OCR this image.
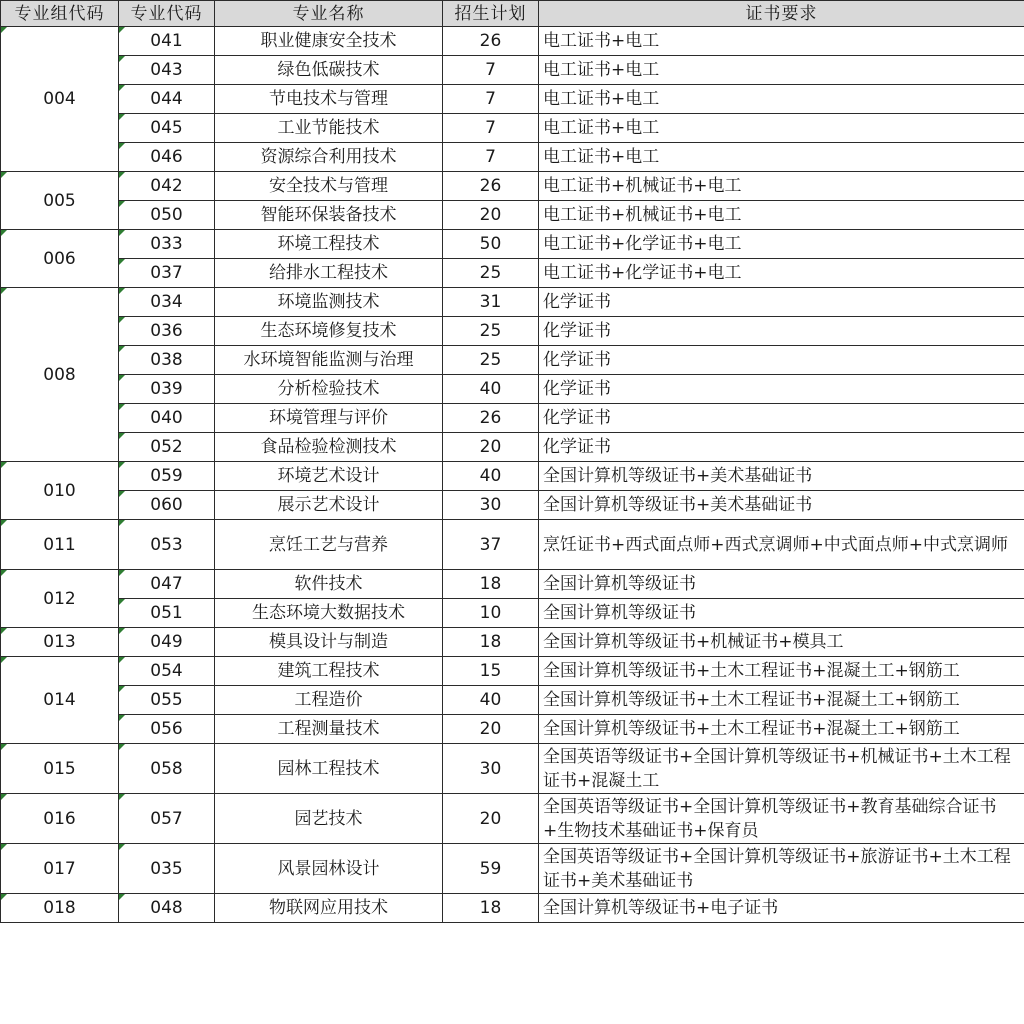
专业组代码	专业代码	专业名称	招生计划	证书要求
004	041	职业健康安全技术	26	电工证书+电工
	043	绿色低碳技术	7	电工证书+电工
	044	节电技术与管理	7	电工证书+电工
	045	工业节能技术	7	电工证书+电工
	046	资源综合利用技术	7	电工证书+电工
005	042	安全技术与管理	26	电工证书+机械证书+电工
	050	智能环保装备技术	20	电工证书+机械证书+电工
006	033	环境工程技术	50	电工证书+化学证书+电工
	037	给排水工程技术	25	电工证书+化学证书+电工
008	034	环境监测技术	31	化学证书
	036	生态环境修复技术	25	化学证书
	038	水环境智能监测与治理	25	化学证书
	039	分析检验技术	40	化学证书
	040	环境管理与评价	26	化学证书
	052	食品检验检测技术	20	化学证书
010	059	环境艺术设计	40	全国计算机等级证书+美术基础证书
	060	展示艺术设计	30	全国计算机等级证书+美术基础证书
011	053	烹饪工艺与营养	37	烹饪证书+西式面点师+西式烹调师+中式面点师+中式烹调师
012	047	软件技术	18	全国计算机等级证书
	051	生态环境大数据技术	10	全国计算机等级证书
013	049	模具设计与制造	18	全国计算机等级证书+机械证书+模具工
014	054	建筑工程技术	15	全国计算机等级证书+土木工程证书+混凝土工+钢筋工
	055	工程造价	40	全国计算机等级证书+土木工程证书+混凝土工+钢筋工
	056	工程测量技术	20	全国计算机等级证书+土木工程证书+混凝土工+钢筋工
015	058	园林工程技术	30	全国英语等级证书+全国计算机等级证书+机械证书+土木工程证书+混凝土工
016	057	园艺技术	20	全国英语等级证书+全国计算机等级证书+教育基础综合证书+生物技术基础证书+保育员
017	035	风景园林设计	59	全国英语等级证书+全国计算机等级证书+旅游证书+土木工程证书+美术基础证书
018	048	物联网应用技术	18	全国计算机等级证书+电子证书
